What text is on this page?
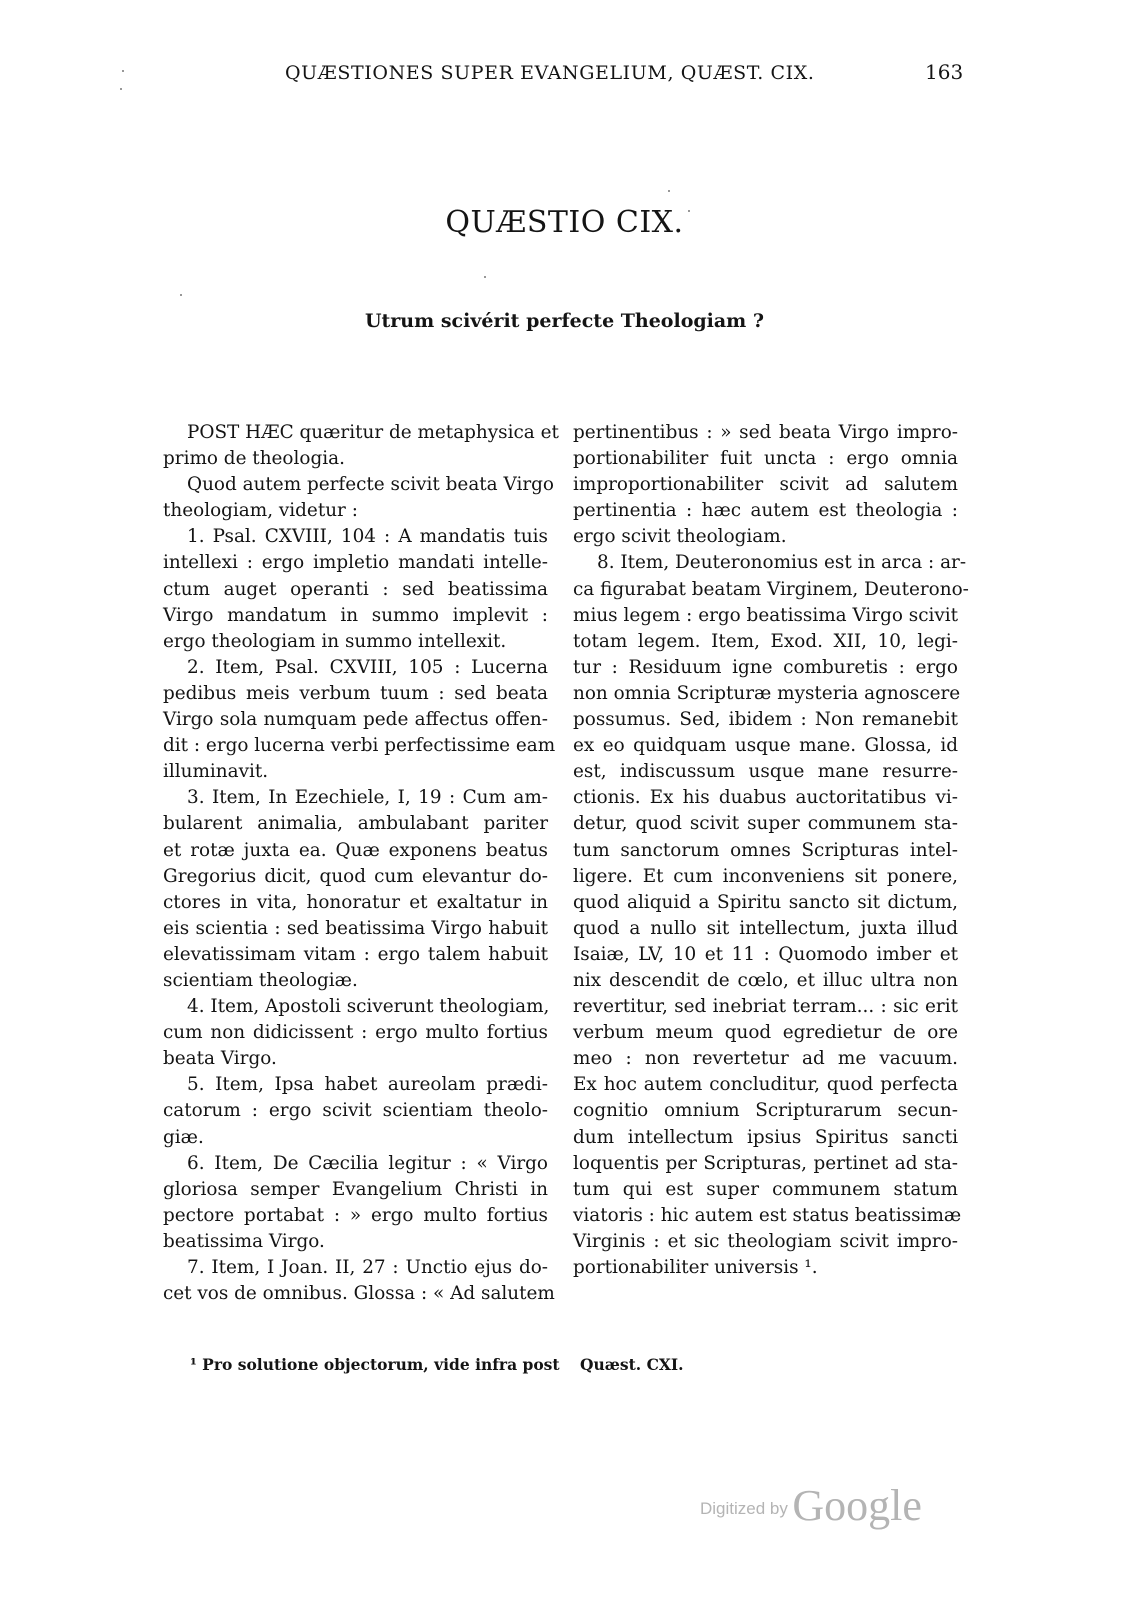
QUÆSTIONES SUPER EVANGELIUM, QUÆST. CIX.	163
QUÆSTIO CIX.
Utrum scivérit perfecte Theologiam ?
POST HÆC quæritur de metaphysica et
primo de theologia.
Quod autem perfecte scivit beata Virgo
theologiam, videtur :
1. Psal. CXVIII, 104 : A mandatis tuis
intellexi : ergo impletio mandati intelle-
ctum auget operanti : sed beatissima
Virgo mandatum in summo implevit :
ergo theologiam in summo intellexit.
2. Item, Psal. CXVIII, 105 : Lucerna
pedibus meis verbum tuum : sed beata
Virgo sola numquam pede affectus offen-
dit : ergo lucerna verbi perfectissime eam
illuminavit.
3. Item, In Ezechiele, I, 19 : Cum am-
bularent animalia, ambulabant pariter
et rotæ juxta ea. Quæ exponens beatus
Gregorius dicit, quod cum elevantur do-
ctores in vita, honoratur et exaltatur in
eis scientia : sed beatissima Virgo habuit
elevatissimam vitam : ergo talem habuit
scientiam theologiæ.
4. Item, Apostoli sciverunt theologiam,
cum non didicissent : ergo multo fortius
beata Virgo.
5. Item, Ipsa habet aureolam prædi-
catorum : ergo scivit scientiam theolo-
giæ.
6. Item, De Cæcilia legitur : « Virgo
gloriosa semper Evangelium Christi in
pectore portabat : » ergo multo fortius
beatissima Virgo.
7. Item, I Joan. II, 27 : Unctio ejus do-
cet vos de omnibus. Glossa : « Ad salutem
pertinentibus : » sed beata Virgo impro-
portionabiliter fuit uncta : ergo omnia
improportionabiliter scivit ad salutem
pertinentia : hæc autem est theologia :
ergo scivit theologiam.
8. Item, Deuteronomius est in arca : ar-
ca figurabat beatam Virginem, Deuterono-
mius legem : ergo beatissima Virgo scivit
totam legem. Item, Exod. XII, 10, legi-
tur : Residuum igne comburetis : ergo
non omnia Scripturæ mysteria agnoscere
possumus. Sed, ibidem : Non remanebit
ex eo quidquam usque mane. Glossa, id
est, indiscussum usque mane resurre-
ctionis. Ex his duabus auctoritatibus vi-
detur, quod scivit super communem sta-
tum sanctorum omnes Scripturas intel-
ligere. Et cum inconveniens sit ponere,
quod aliquid a Spiritu sancto sit dictum,
quod a nullo sit intellectum, juxta illud
Isaiæ, LV, 10 et 11 : Quomodo imber et
nix descendit de cœlo, et illuc ultra non
revertitur, sed inebriat terram... : sic erit
verbum meum quod egredietur de ore
meo : non revertetur ad me vacuum.
Ex hoc autem concluditur, quod perfecta
cognitio omnium Scripturarum secun-
dum intellectum ipsius Spiritus sancti
loquentis per Scripturas, pertinet ad sta-
tum qui est super communem statum
viatoris : hic autem est status beatissimæ
Virginis : et sic theologiam scivit impro-
portionabiliter universis ¹.
¹ Pro solutione objectorum, vide infra post Quæst. CXI.
Digitized by Google
